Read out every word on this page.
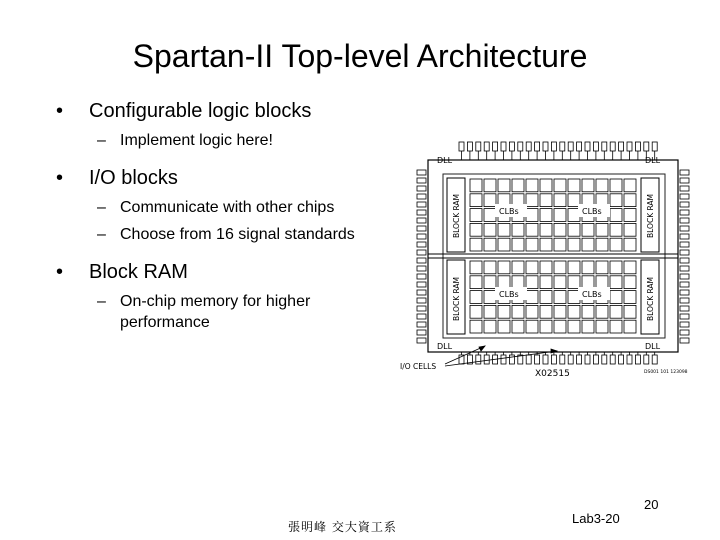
Spartan-II Top-level Architecture
• Configurable logic blocks
– Implement logic here!
• I/O blocks
– Communicate with other chips
– Choose from 16 signal standards
• Block RAM
– On-chip memory for higher performance
CLBs	CLBs
CLBs	CLBs
DLL	DLL
DLL	DLL
BLOCK RAM
BLOCK RAM
BLOCK RAM
BLOCK RAM
I/O CELLS
X02515	DS001 101 123098
20
張明峰 交大資工系
Lab3-20
